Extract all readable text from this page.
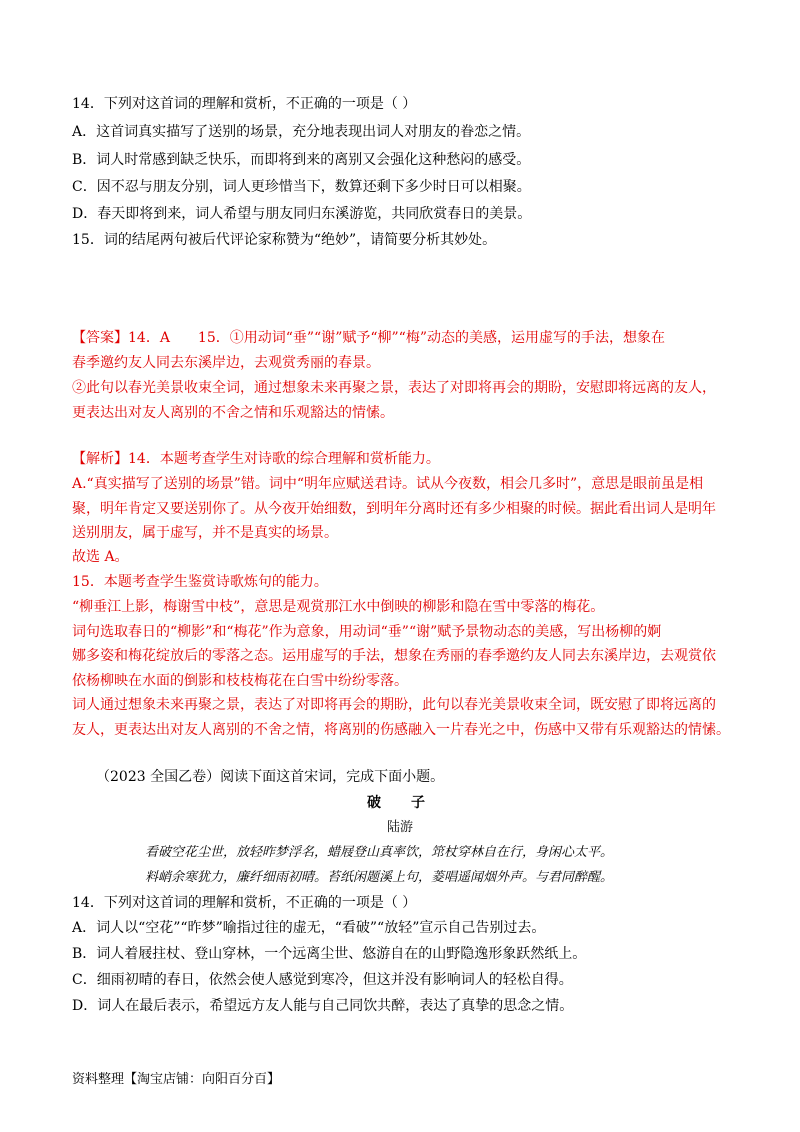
14．下列对这首词的理解和赏析，不正确的一项是（ ）
A．这首词真实描写了送别的场景，充分地表现出词人对朋友的眷恋之情。
B．词人时常感到缺乏快乐，而即将到来的离别又会强化这种愁闷的感受。
C．因不忍与朋友分别，词人更珍惜当下，数算还剩下多少时日可以相聚。
D．春天即将到来，词人希望与朋友同归东溪游览，共同欣赏春日的美景。
15．词的结尾两句被后代评论家称赞为“绝妙”，请简要分析其妙处。
【答案】14．A　　15．①用动词“垂”“谢”赋予“柳”“梅”动态的美感，运用虚写的手法，想象在
春季邀约友人同去东溪岸边，去观赏秀丽的春景。
②此句以春光美景收束全词，通过想象未来再聚之景，表达了对即将再会的期盼，安慰即将远离的友人，
更表达出对友人离别的不舍之情和乐观豁达的情愫。
【解析】14．本题考查学生对诗歌的综合理解和赏析能力。
A.“真实描写了送别的场景”错。词中“明年应赋送君诗。试从今夜数，相会几多时”，意思是眼前虽是相
聚，明年肯定又要送别你了。从今夜开始细数，到明年分离时还有多少相聚的时候。据此看出词人是明年
送别朋友，属于虚写，并不是真实的场景。
故选 A。
15．本题考查学生鉴赏诗歌炼句的能力。
“柳垂江上影，梅谢雪中枝”，意思是观赏那江水中倒映的柳影和隐在雪中零落的梅花。
词句选取春日的“柳影”和“梅花”作为意象，用动词“垂”“谢”赋予景物动态的美感，写出杨柳的婀
娜多姿和梅花绽放后的零落之态。运用虚写的手法，想象在秀丽的春季邀约友人同去东溪岸边，去观赏依
依杨柳映在水面的倒影和枝枝梅花在白雪中纷纷零落。
词人通过想象未来再聚之景，表达了对即将再会的期盼，此句以春光美景收束全词，既安慰了即将远离的
友人，更表达出对友人离别的不舍之情，将离别的伤感融入一片春光之中，伤感中又带有乐观豁达的情愫。
（2023 全国乙卷）阅读下面这首宋词，完成下面小题。
破　子
陆游
看破空花尘世，放轻昨梦浮名，蜡屐登山真率饮，筇杖穿林自在行，身闲心太平。
料峭余寒犹力，廉纤细雨初晴。苔纸闲题溪上句，菱唱遥闻烟外声。与君同醉醒。
14．下列对这首词的理解和赏析，不正确的一项是（ ）
A．词人以“空花”“昨梦”喻指过往的虚无，“看破”“放轻”宣示自己告别过去。
B．词人着屐拄杖、登山穿林，一个远离尘世、悠游自在的山野隐逸形象跃然纸上。
C．细雨初晴的春日，依然会使人感觉到寒冷，但这并没有影响词人的轻松自得。
D．词人在最后表示，希望远方友人能与自己同饮共醉，表达了真挚的思念之情。
资料整理【淘宝店铺：向阳百分百】
